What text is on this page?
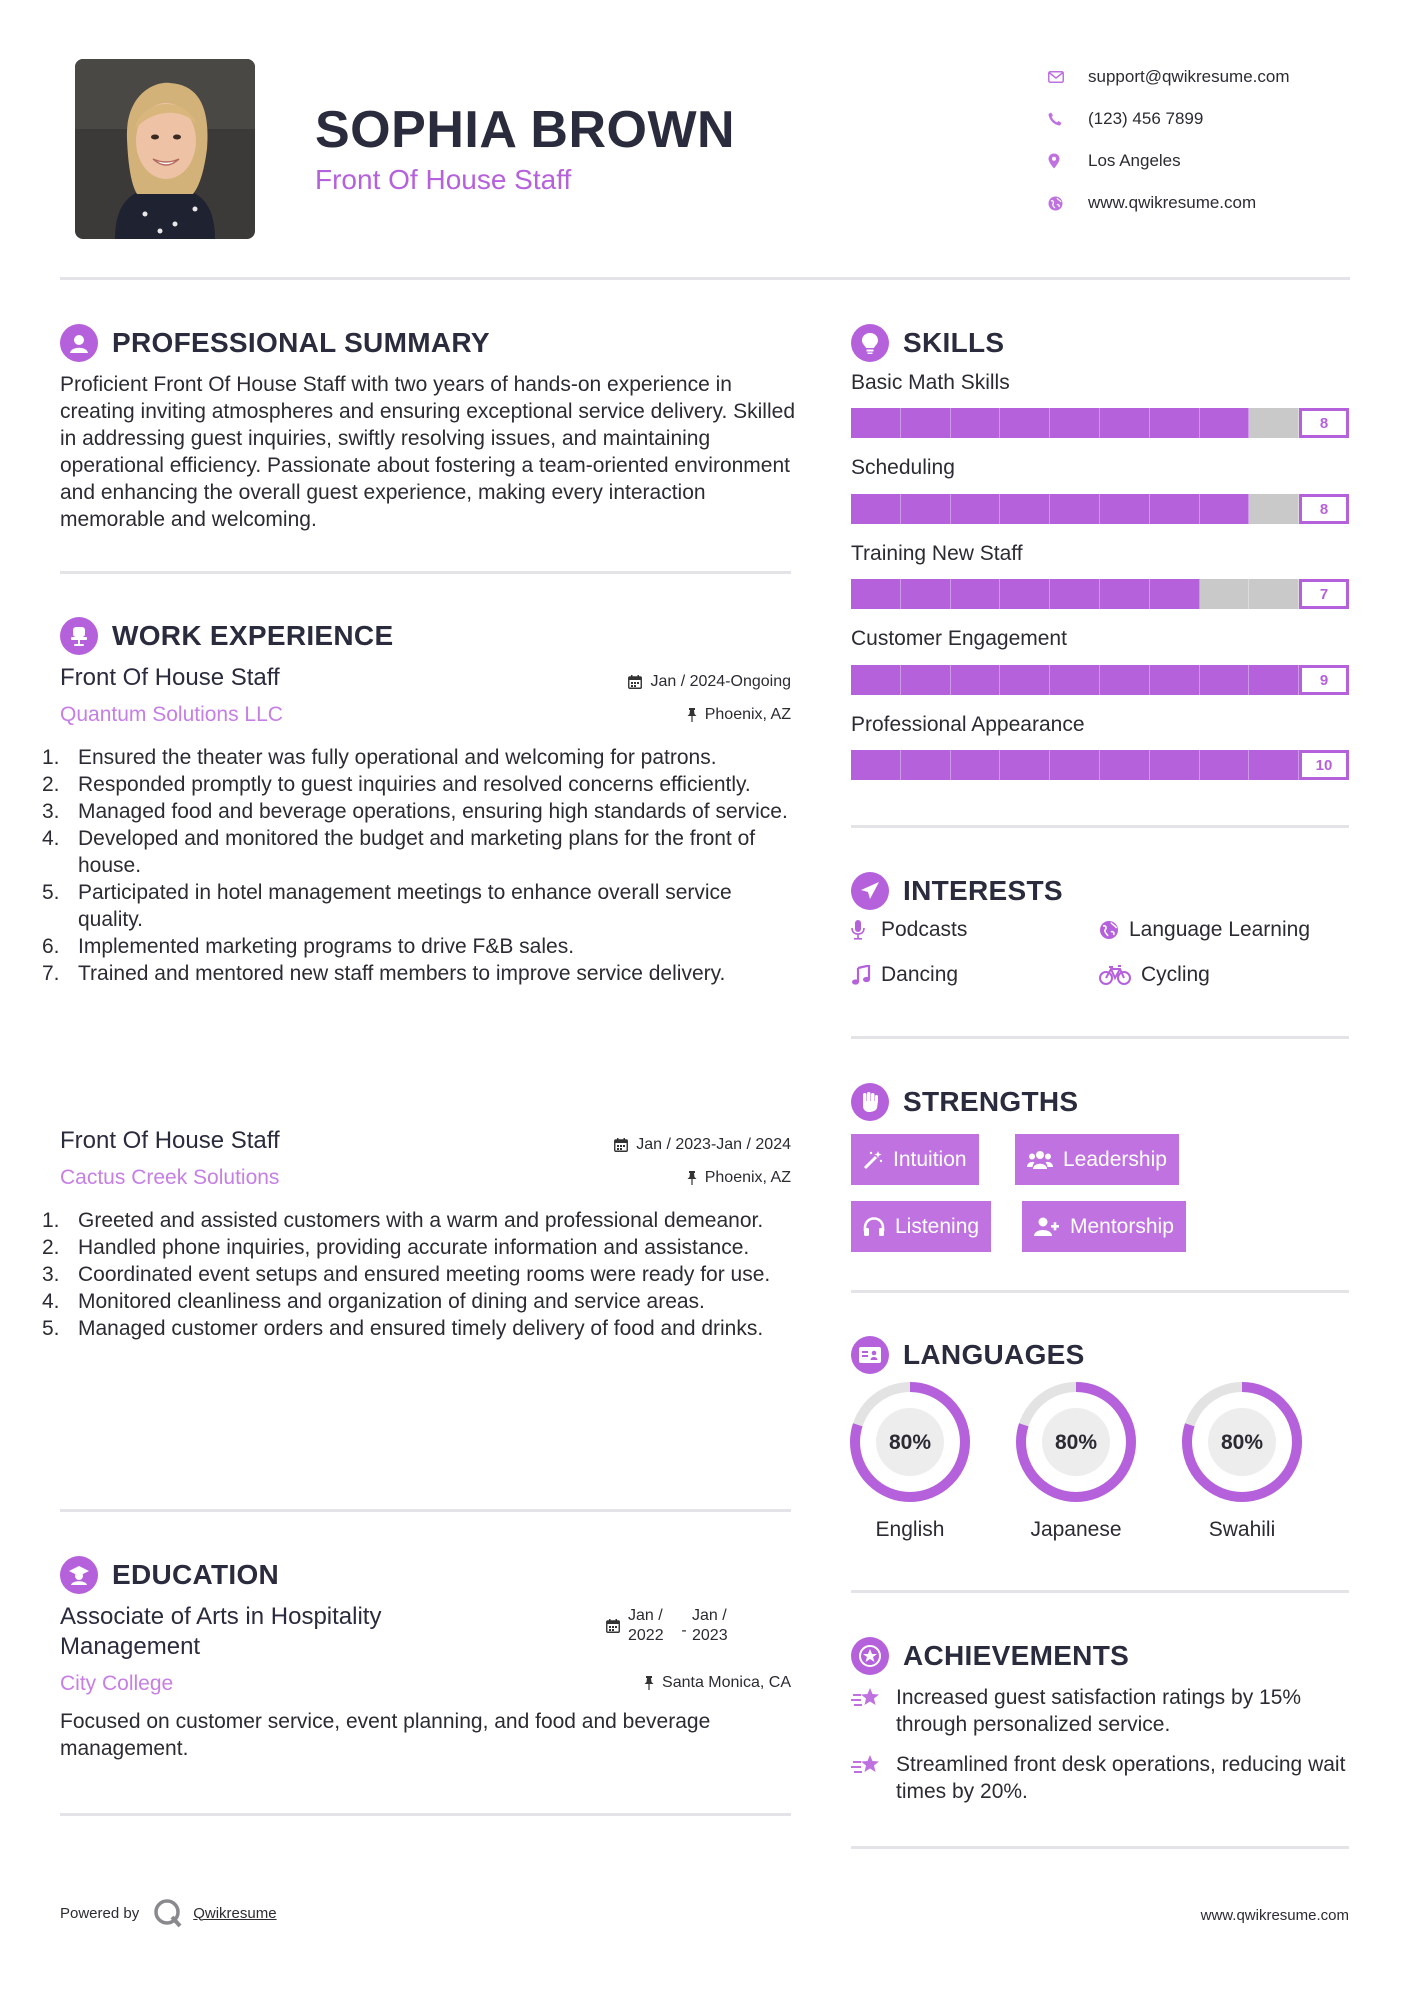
SOPHIA BROWN
Front Of House Staff
support@qwikresume.com
(123) 456 7899
Los Angeles
www.qwikresume.com
PROFESSIONAL SUMMARY
Proficient Front Of House Staff with two years of hands-on experience in creating inviting atmospheres and ensuring exceptional service delivery. Skilled in addressing guest inquiries, swiftly resolving issues, and maintaining operational efficiency. Passionate about fostering a team-oriented environment and enhancing the overall guest experience, making every interaction memorable and welcoming.
WORK EXPERIENCE
Front Of House Staff	Jan / 2024-Ongoing
Quantum Solutions LLC	Phoenix, AZ
1. Ensured the theater was fully operational and welcoming for patrons.
2. Responded promptly to guest inquiries and resolved concerns efficiently.
3. Managed food and beverage operations, ensuring high standards of service.
4. Developed and monitored the budget and marketing plans for the front of house.
5. Participated in hotel management meetings to enhance overall service quality.
6. Implemented marketing programs to drive F&B sales.
7. Trained and mentored new staff members to improve service delivery.
Front Of House Staff	Jan / 2023-Jan / 2024
Cactus Creek Solutions	Phoenix, AZ
1. Greeted and assisted customers with a warm and professional demeanor.
2. Handled phone inquiries, providing accurate information and assistance.
3. Coordinated event setups and ensured meeting rooms were ready for use.
4. Monitored cleanliness and organization of dining and service areas.
5. Managed customer orders and ensured timely delivery of food and drinks.
EDUCATION
Associate of Arts in Hospitality Management
Jan / 2022	-
Jan / 2023
City College	Santa Monica, CA
Focused on customer service, event planning, and food and beverage management.
SKILLS
Basic Math Skills
8
Scheduling
8
Training New Staff
7
Customer Engagement
9
Professional Appearance
10
INTERESTS
Podcasts	Language Learning
Dancing	Cycling
STRENGTHS
Intuition	Leadership
Listening	Mentorship
LANGUAGES
80%
English
80%
Japanese
80%
Swahili
ACHIEVEMENTS
Increased guest satisfaction ratings by 15% through personalized service.
Streamlined front desk operations, reducing wait times by 20%.
Powered by	Qwikresume	www.qwikresume.com
